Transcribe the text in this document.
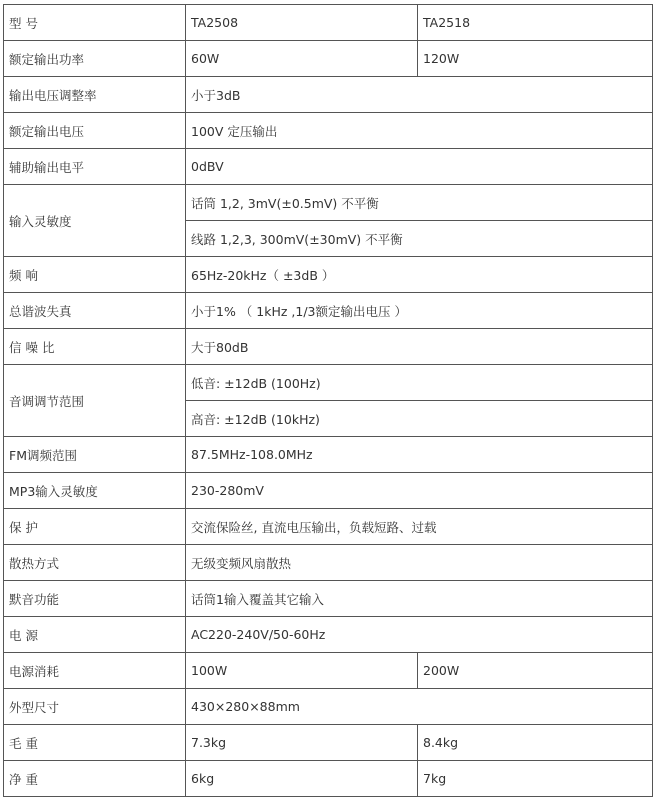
型 号	TA2508	TA2518
额定输出功率	60W	120W
输出电压调整率	小于3dB	
额定输出电压	100V 定压输出	
辅助输出电平	0dBV	
输入灵敏度	话筒 1,2, 3mV(±0.5mV) 不平衡	
	线路 1,2,3, 300mV(±30mV) 不平衡	
频 响	65Hz-20kHz（ ±3dB ）	
总谐波失真	小于1% （ 1kHz ,1/3额定输出电压 ）	
信 噪 比	大于80dB	
音调调节范围	低音: ±12dB (100Hz)	
	高音: ±12dB (10kHz)	
FM调频范围	87.5MHz-108.0MHz	
MP3输入灵敏度	230-280mV	
保 护	交流保险丝, 直流电压输出，负载短路、过载	
散热方式	无级变频风扇散热	
默音功能	话筒1输入覆盖其它输入	
电 源	AC220-240V/50-60Hz	
电源消耗	100W	200W
外型尺寸	430×280×88mm	
毛 重	7.3kg	8.4kg
净 重	6kg	7kg
